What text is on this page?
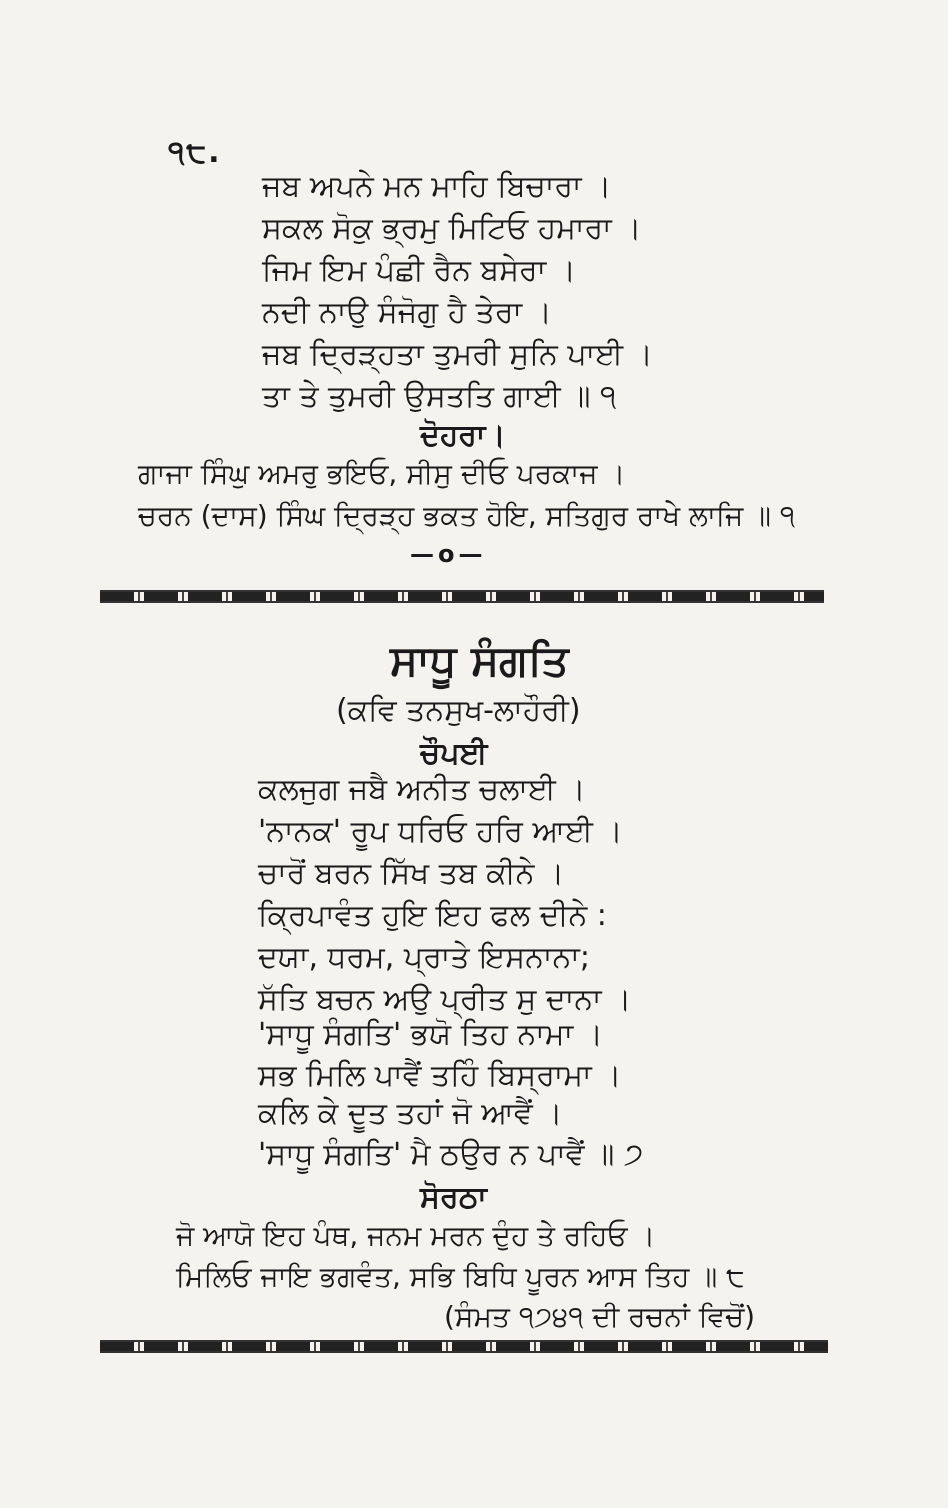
੧੮.
ਜਬ ਅਪਨੇ ਮਨ ਮਾਹਿ ਬਿਚਾਰਾ ।
ਸਕਲ ਸੋਕੁ ਭ੍ਰਮੁ ਮਿਟਿਓ ਹਮਾਰਾ ।
ਜਿਮ ਇਮ ਪੰਛੀ ਰੈਨ ਬਸੇਰਾ ।
ਨਦੀ ਨਾਉ ਸੰਜੋਗੁ ਹੈ ਤੇਰਾ ।
ਜਬ ਦ੍ਰਿੜ੍ਹਤਾ ਤੁਮਰੀ ਸੁਨਿ ਪਾਈ ।
ਤਾ ਤੇ ਤੁਮਰੀ ਉਸਤਤਿ ਗਾਈ ॥ ੧
ਦੋਹਰਾ।
ਗਾਜਾ ਸਿੰਘੁ ਅਮਰੁ ਭਇਓ, ਸੀਸੁ ਦੀਓ ਪਰਕਾਜ ।
ਚਰਨ (ਦਾਸ) ਸਿੰਘ ਦ੍ਰਿੜ੍ਹ ਭਕਤ ਹੋਇ, ਸਤਿਗੁਰ ਰਾਖੇ ਲਾਜਿ ॥ ੧
—o—
ਸਾਧੂ ਸੰਗਤਿ
(ਕਵਿ ਤਨਸੁਖ-ਲਾਹੌਰੀ)
ਚੌਪਈ
ਕਲਜੁਗ ਜਬੈ ਅਨੀਤ ਚਲਾਈ ।
'ਨਾਨਕ' ਰੂਪ ਧਰਿਓ ਹਰਿ ਆਈ ।
ਚਾਰੋਂ ਬਰਨ ਸਿੱਖ ਤਬ ਕੀਨੇ ।
ਕ੍ਰਿਪਾਵੰਤ ਹੁਇ ਇਹ ਫਲ ਦੀਨੇ :
ਦਯਾ, ਧਰਮ, ਪ੍ਰਾਤੇ ਇਸਨਾਨਾ;
ਸੱਤਿ ਬਚਨ ਅਉ ਪ੍ਰੀਤ ਸੁ ਦਾਨਾ ।
'ਸਾਧੂ ਸੰਗਤਿ' ਭਯੋ ਤਿਹ ਨਾਮਾ ।
ਸਭ ਮਿਲਿ ਪਾਵੈਂ ਤਹਿੰ ਬਿਸ੍ਰਾਮਾ ।
ਕਲਿ ਕੇ ਦੂਤ ਤਹਾਂ ਜੋ ਆਵੈਂ ।
'ਸਾਧੂ ਸੰਗਤਿ' ਮੈ ਠਉਰ ਨ ਪਾਵੈਂ ॥ ੭
ਸੋਰਠਾ
ਜੋ ਆਯੋ ਇਹ ਪੰਥ, ਜਨਮ ਮਰਨ ਦੁੰਹ ਤੇ ਰਹਿਓ ।
ਮਿਲਿਓ ਜਾਇ ਭਗਵੰਤ, ਸਭਿ ਬਿਧਿ ਪੂਰਨ ਆਸ ਤਿਹ ॥ ੮
(ਸੰਮਤ ੧੭੪੧ ਦੀ ਰਚਨਾਂ ਵਿਚੋਂ)
